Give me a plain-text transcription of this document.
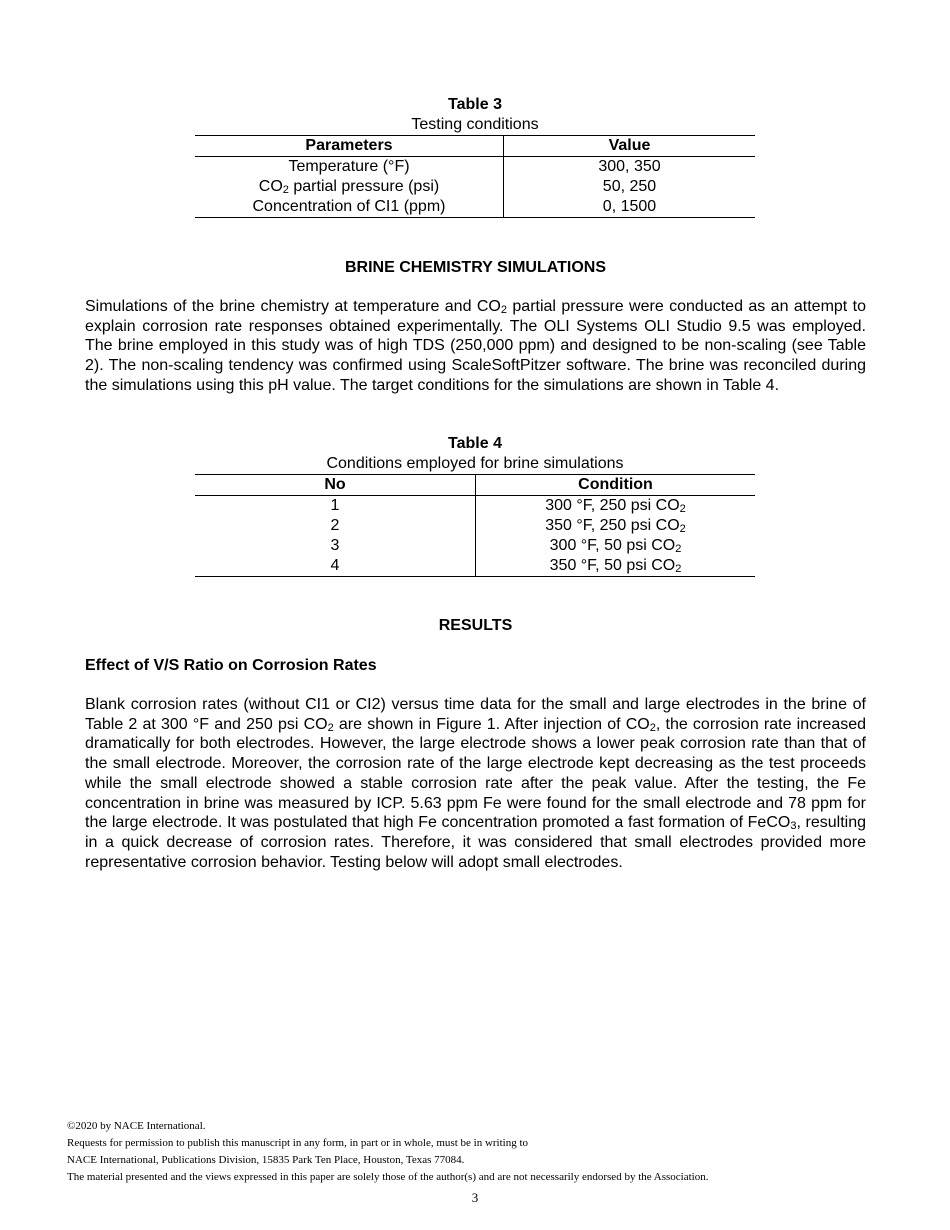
Table 3
Testing conditions
Parameters	Value
Temperature (°F)	300, 350
$CO_2$ partial pressure (psi)	50, 250
Concentration of CI1 (ppm)	0, 1500
BRINE CHEMISTRY SIMULATIONS

Simulations of the brine chemistry at temperature and $CO_2$ partial pressure were conducted as an attempt to explain corrosion rate responses obtained experimentally. The OLI Systems OLI Studio 9.5 was employed. The brine employed in this study was of high TDS (250,000 ppm) and designed to be non-scaling (see Table 2). The non-scaling tendency was confirmed using ScaleSoftPitzer software. The brine was reconciled during the simulations using this pH value. The target conditions for the simulations are shown in Table 4.

Table 4
Conditions employed for brine simulations
No	Condition
1	300 °F, 250 psi $CO_2$
2	350 °F, 250 psi $CO_2$
3	300 °F, 50 psi $CO_2$
4	350 °F, 50 psi $CO_2$
RESULTS
Effect of V/S Ratio on Corrosion Rates

Blank corrosion rates (without CI1 or CI2) versus time data for the small and large electrodes in the brine of Table 2 at 300 °F and 250 psi $CO_2$ are shown in Figure 1. After injection of $CO_2$, the corrosion rate increased dramatically for both electrodes. However, the large electrode shows a lower peak corrosion rate than that of the small electrode. Moreover, the corrosion rate of the large electrode kept decreasing as the test proceeds while the small electrode showed a stable corrosion rate after the peak value. After the testing, the Fe concentration in brine was measured by ICP. 5.63 ppm Fe were found for the small electrode and 78 ppm for the large electrode. It was postulated that high Fe concentration promoted a fast formation of FeCO$_3$, resulting in a quick decrease of corrosion rates. Therefore, it was considered that small electrodes provided more representative corrosion behavior. Testing below will adopt small electrodes.

©2020 by NACE International.
Requests for permission to publish this manuscript in any form, in part or in whole, must be in writing to
NACE International, Publications Division, 15835 Park Ten Place, Houston, Texas 77084.
The material presented and the views expressed in this paper are solely those of the author(s) and are not necessarily endorsed by the Association.
3
